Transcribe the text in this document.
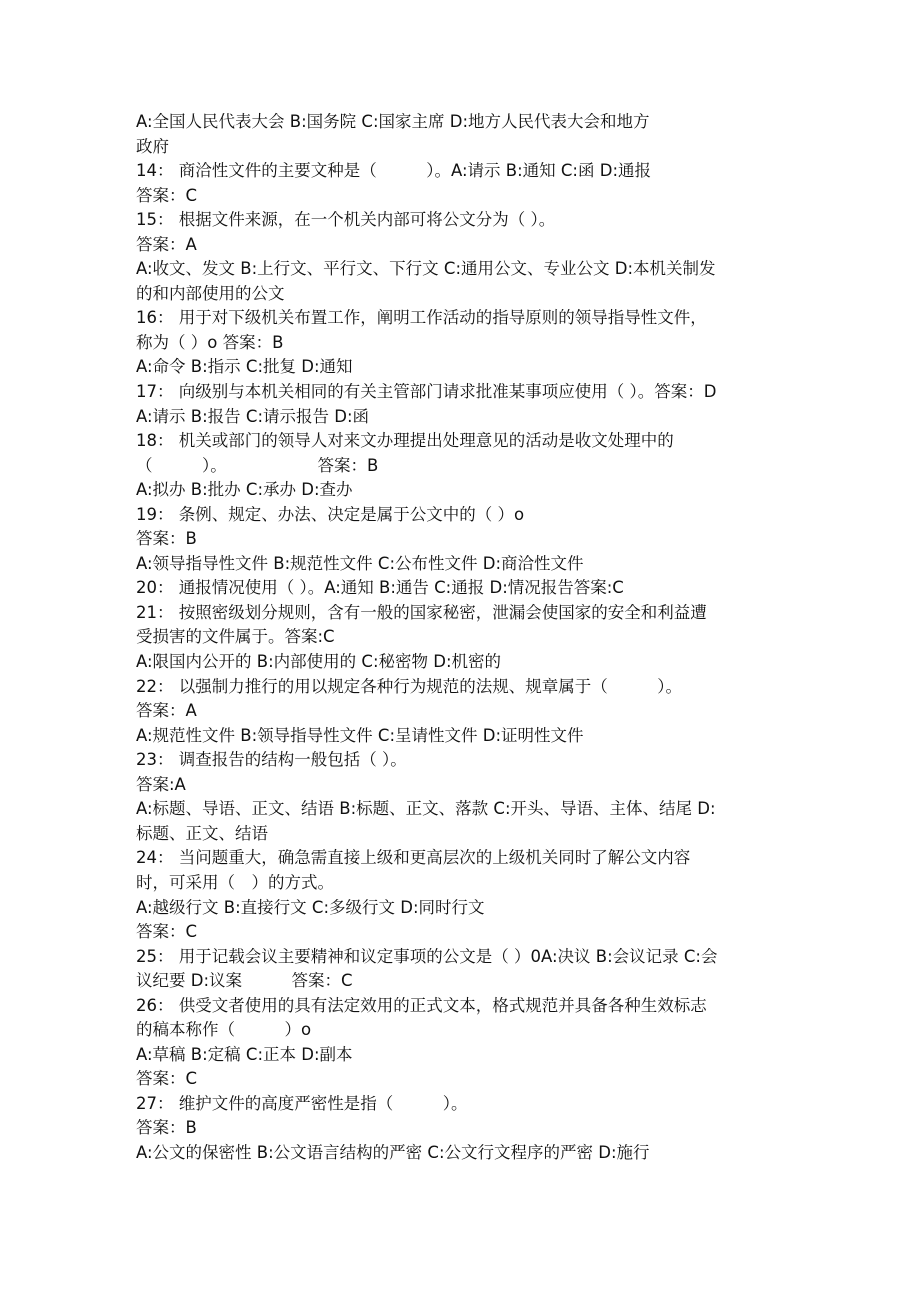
A:全国人民代表大会 B:国务院 C:国家主席 D:地方人民代表大会和地方
政府
14： 商洽性文件的主要文种是（　　　）。A:请示 B:通知 C:函 D:通报
答案：C
15： 根据文件来源，在一个机关内部可将公文分为（ ）。
答案：A
A:收文、发文 B:上行文、平行文、下行文 C:通用公文、专业公文 D:本机关制发
的和内部使用的公文
16： 用于对下级机关布置工作，阐明工作活动的指导原则的领导指导性文件，
称为（ ）o 答案：B
A:命令 B:指示 C:批复 D:通知
17： 向级别与本机关相同的有关主管部门请求批准某事项应使用（ ）。答案：D
A:请示 B:报告 C:请示报告 D:函
18： 机关或部门的领导人对来文办理提出处理意见的活动是收文处理中的
（　　　）。　　　　　　答案：B
A:拟办 B:批办 C:承办 D:查办
19： 条例、规定、办法、决定是属于公文中的（ ）o
答案：B
A:领导指导性文件 B:规范性文件 C:公布性文件 D:商洽性文件
20： 通报情况使用（ ）。A:通知 B:通告 C:通报 D:情况报告答案:C
21： 按照密级划分规则，含有一般的国家秘密，泄漏会使国家的安全和利益遭
受损害的文件属于。答案:C
A:限国内公开的 B:内部使用的 C:秘密物 D:机密的
22： 以强制力推行的用以规定各种行为规范的法规、规章属于（　　　）。
答案：A
A:规范性文件 B:领导指导性文件 C:呈请性文件 D:证明性文件
23： 调查报告的结构一般包括（ ）。
答案:A
A:标题、导语、正文、结语 B:标题、正文、落款 C:开头、导语、主体、结尾 D:
标题、正文、结语
24： 当问题重大，确急需直接上级和更高层次的上级机关同时了解公文内容
时，可采用（　）的方式。
A:越级行文 B:直接行文 C:多级行文 D:同时行文
答案：C
25： 用于记载会议主要精神和议定事项的公文是（ ）0A:决议 B:会议记录 C:会
议纪要 D:议案　　　答案：C
26： 供受文者使用的具有法定效用的正式文本，格式规范并具备各种生效标志
的稿本称作（　　　）o
A:草稿 B:定稿 C:正本 D:副本
答案：C
27： 维护文件的高度严密性是指（　　　）。
答案：B
A:公文的保密性 B:公文语言结构的严密 C:公文行文程序的严密 D:施行
